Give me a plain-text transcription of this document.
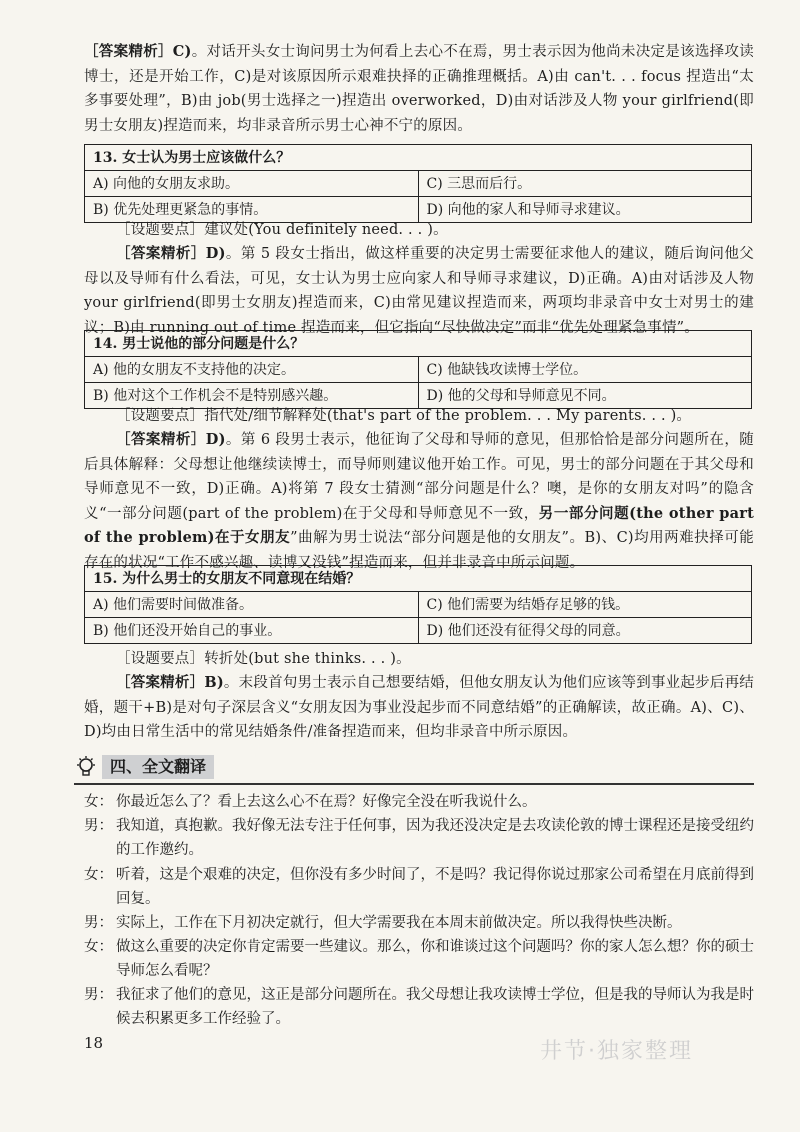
［答案精析］C)。对话开头女士询问男士为何看上去心不在焉，男士表示因为他尚未决定是该选择攻读博士，还是开始工作，C)是对该原因所示艰难抉择的正确推理概括。A)由 can't. . . focus 捏造出“太多事要处理”，B)由 job(男士选择之一)捏造出 overworked，D)由对话涉及人物 your girlfriend(即男士女朋友)捏造而来，均非录音所示男士心神不宁的原因。
13. 女士认为男士应该做什么？	
A) 向他的女朋友求助。	C) 三思而后行。
B) 优先处理更紧急的事情。	D) 向他的家人和导师寻求建议。
［设题要点］建议处(You definitely need. . . )。
［答案精析］D)。第 5 段女士指出，做这样重要的决定男士需要征求他人的建议，随后询问他父母以及导师有什么看法，可见，女士认为男士应向家人和导师寻求建议，D)正确。A)由对话涉及人物 your girlfriend(即男士女朋友)捏造而来，C)由常见建议捏造而来，两项均非录音中女士对男士的建议；B)由 running out of time 捏造而来，但它指向“尽快做决定”而非“优先处理紧急事情”。
14. 男士说他的部分问题是什么？	
A) 他的女朋友不支持他的决定。	C) 他缺钱攻读博士学位。
B) 他对这个工作机会不是特别感兴趣。	D) 他的父母和导师意见不同。
［设题要点］指代处/细节解释处(that's part of the problem. . . My parents. . . )。
［答案精析］D)。第 6 段男士表示，他征询了父母和导师的意见，但那恰恰是部分问题所在，随后具体解释：父母想让他继续读博士，而导师则建议他开始工作。可见，男士的部分问题在于其父母和导师意见不一致，D)正确。A)将第 7 段女士猜测“部分问题是什么？噢，是你的女朋友对吗”的隐含义“一部分问题(part of the problem)在于父母和导师意见不一致，另一部分问题(the other part of the problem)在于女朋友”曲解为男士说法“部分问题是他的女朋友”。B)、C)均用两难抉择可能存在的状况“工作不感兴趣、读博又没钱”捏造而来，但并非录音中所示问题。
15. 为什么男士的女朋友不同意现在结婚？	
A) 他们需要时间做准备。	C) 他们需要为结婚存足够的钱。
B) 他们还没开始自己的事业。	D) 他们还没有征得父母的同意。
［设题要点］转折处(but she thinks. . . )。
［答案精析］B)。末段首句男士表示自己想要结婚，但他女朋友认为他们应该等到事业起步后再结婚，题干+B)是对句子深层含义“女朋友因为事业没起步而不同意结婚”的正确解读，故正确。A)、C)、D)均由日常生活中的常见结婚条件/准备捏造而来，但均非录音中所示原因。
四、全文翻译
女： 你最近怎么了？看上去这么心不在焉？好像完全没在听我说什么。
男： 我知道，真抱歉。我好像无法专注于任何事，因为我还没决定是去攻读伦敦的博士课程还是接受纽约的工作邀约。
女： 听着，这是个艰难的决定，但你没有多少时间了，不是吗？我记得你说过那家公司希望在月底前得到回复。
男： 实际上，工作在下月初决定就行，但大学需要我在本周末前做决定。所以我得快些决断。
女： 做这么重要的决定你肯定需要一些建议。那么，你和谁谈过这个问题吗？你的家人怎么想？你的硕士导师怎么看呢？
男： 我征求了他们的意见，这正是部分问题所在。我父母想让我攻读博士学位，但是我的导师认为我是时候去积累更多工作经验了。
18	井节·独家整理
